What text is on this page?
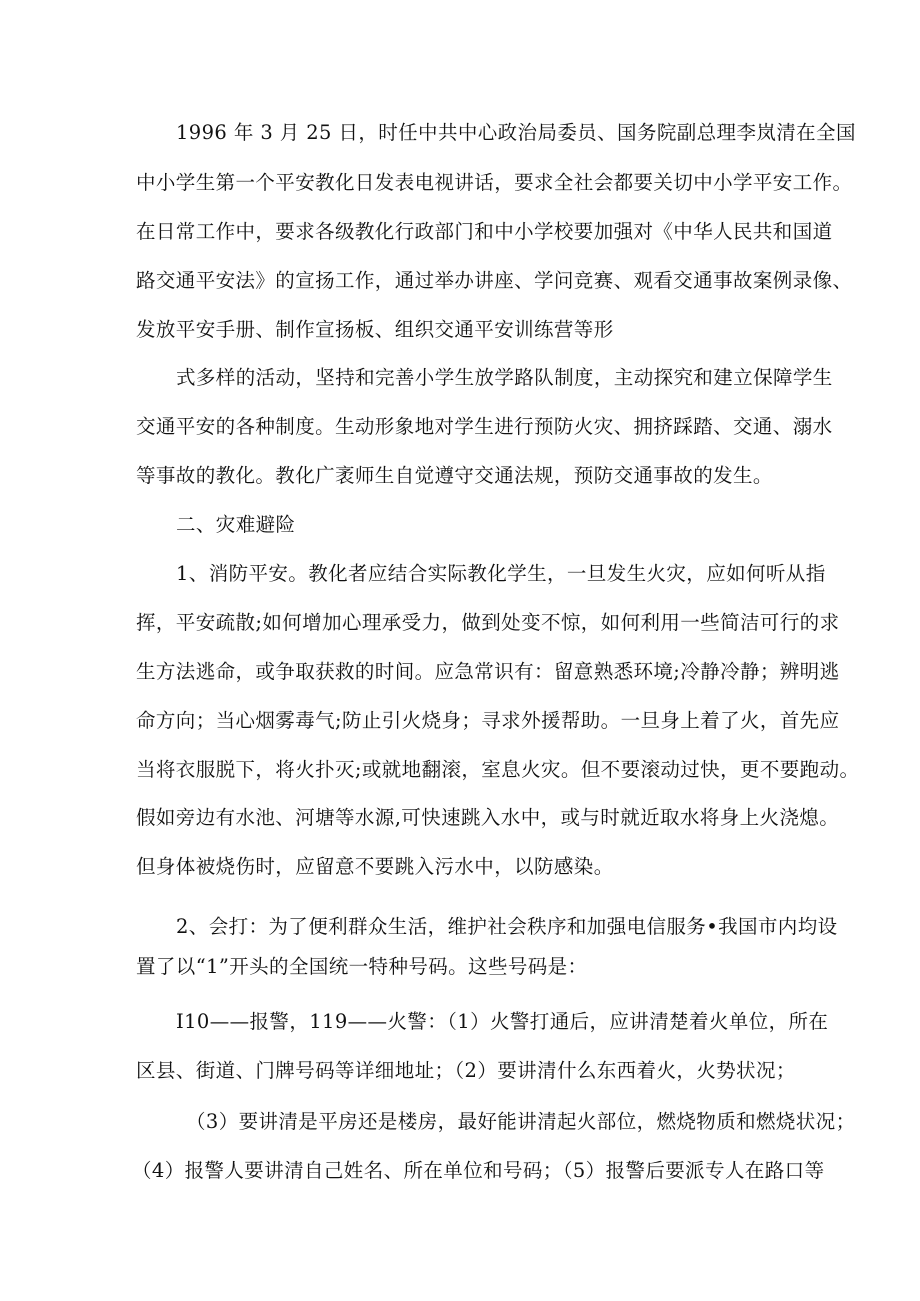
1996 年 3 月 25 日，时任中共中心政治局委员、国务院副总理李岚清在全国
中小学生第一个平安教化日发表电视讲话，要求全社会都要关切中小学平安工作。
在日常工作中，要求各级教化行政部门和中小学校要加强对《中华人民共和国道
路交通平安法》的宣扬工作，通过举办讲座、学问竞赛、观看交通事故案例录像、
发放平安手册、制作宣扬板、组织交通平安训练营等形
式多样的活动，坚持和完善小学生放学路队制度，主动探究和建立保障学生
交通平安的各种制度。生动形象地对学生进行预防火灾、拥挤踩踏、交通、溺水
等事故的教化。教化广袤师生自觉遵守交通法规，预防交通事故的发生。
二、灾难避险
1、消防平安。教化者应结合实际教化学生，一旦发生火灾，应如何听从指
挥，平安疏散;如何增加心理承受力，做到处变不惊，如何利用一些简洁可行的求
生方法逃命，或争取获救的时间。应急常识有：留意熟悉环境;冷静冷静；辨明逃
命方向；当心烟雾毒气;防止引火烧身；寻求外援帮助。一旦身上着了火，首先应
当将衣服脱下，将火扑灭;或就地翻滚，室息火灾。但不要滚动过快，更不要跑动。
假如旁边有水池、河塘等水源,可快速跳入水中，或与时就近取水将身上火浇熄。
但身体被烧伤时，应留意不要跳入污水中，以防感染。
2、会打：为了便利群众生活，维护社会秩序和加强电信服务•我国市内均设
置了以“1”开头的全国统一特种号码。这些号码是：
I10——报警，119——火警：（1）火警打通后，应讲清楚着火单位，所在
区县、街道、门牌号码等详细地址；（2）要讲清什么东西着火，火势状况；
（3）要讲清是平房还是楼房，最好能讲清起火部位，燃烧物质和燃烧状况；
（4）报警人要讲清自己姓名、所在单位和号码；（5）报警后要派专人在路口等
